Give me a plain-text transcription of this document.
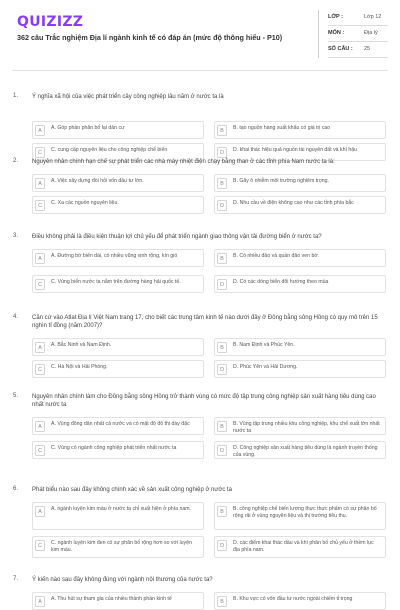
QUIZIZZ
362 câu Trắc nghiệm Địa lí ngành kinh tế có đáp án (mức độ thông hiểu - P10)
LỚP :	Lớp 12
MÔN :	Địa lý
SỐ CÂU : 25
1. Ý nghĩa xã hội của việc phát triển cây công nghiệp lâu năm ở nước ta là
A	A. Góp phần phân bố lại dân cư	B	B. tạo nguồn hàng xuất khẩu có giá trị cao
C	C. cung cấp nguyên liệu cho công nghiệp chế biến	D	D. khai thác hiệu quả nguồn tài nguyên đất và khí hậu
2. Nguyên nhân chính hạn chế sự phát triển các nhà máy nhiệt điện chạy bằng than ở các tỉnh phía Nam nước ta là:
A	A. Việc xây dựng đòi hỏi vốn đầu tư lớn.	B	B. Gây ô nhiễm môi trường nghiêm trọng.
C	C. Xa các nguồn nguyên liệu.	D	D. Nhu cầu về điện không cao như các tỉnh phía bắc
3. Điều không phải là điều kiện thuận lợi chủ yếu để phát triển ngành giao thông vận tải đường biển ở nước ta?
A	A. Đường bờ biển dài, có nhiều vũng vịnh rộng, kín gió	B	B. Có nhiều đảo và quần đảo ven bờ.
C	C. Vùng biển nước ta nằm trên đường hàng hải quốc tế.	D	D. Có các dòng biển đổi hướng theo mùa
4. Căn cứ vào Atlat Địa lí Việt Nam trang 17, cho biết các trung tâm kinh tế nào dưới đây ở Đồng bằng sông Hồng có quy mô trên 15 nghìn tỉ đồng (năm 2007)?
A	A. Bắc Ninh và Nam Định.	B	B. Nam Định và Phúc Yên.
C	C. Hà Nội và Hải Phòng.	D	D. Phúc Yên và Hải Dương.
5. Nguyên nhân chính làm cho Đồng bằng sông Hồng trở thành vùng có mức độ tập trung công nghiệp sản xuất hàng tiêu dùng cao nhất nước ta
A	A. Vùng đông dân nhất cả nước và có mật độ đô thị dày đặc	B	B. Vùng tập trung nhiều khu công nghiệp, khu chế xuất lớn nhất nước ta
C	C. Vùng có ngành công nghiệp phát triển nhất nước ta	D	D. Công nghiệp sản xuất hàng tiêu dùng là ngành truyền thống của vùng.
6. Phát biểu nào sau đây không chính xác về sản xuất công nghiệp ở nước ta
A	A. ngành luyện kim màu ở nước ta chỉ xuất hiện ở phía nam.	B	B. công nghiệp chế biến lương thực thực phẩm có sự phân bố rộng rãi ở vùng nguyên liệu và thị trường tiêu thụ.
C	C. ngành luyện kim đen có sự phân bố rộng hơn so với luyện kim màu.
D	D. các điểm khai thác dầu và khí phân bố chủ yếu ở thềm lục địa phía nam.
7. Ý kiến nào sau đây không đúng với ngành nội thương của nước ta?
A	A. Thu hút sự tham gia của nhiều thành phần kinh tế	B	B. Khu vực có vốn đầu tư nước ngoài chiếm tỉ trọng
